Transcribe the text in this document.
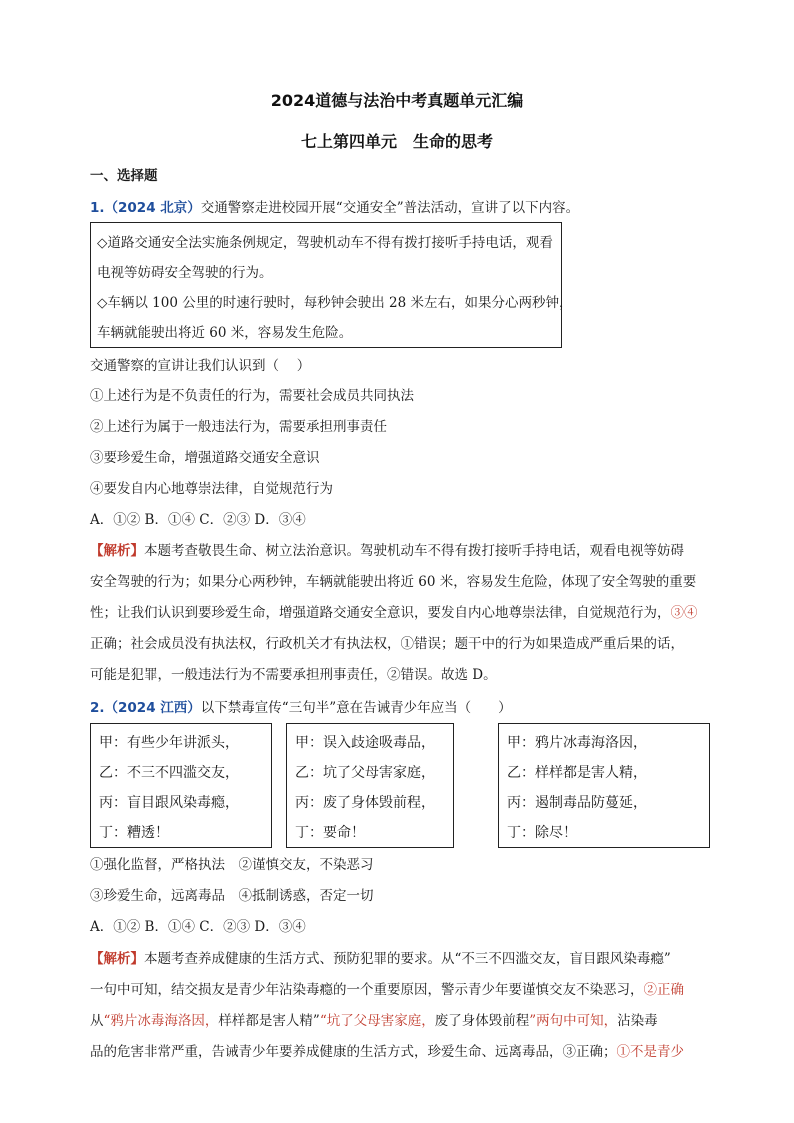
2024道德与法治中考真题单元汇编
七上第四单元　生命的思考
一、选择题
1.（2024 北京）交通警察走进校园开展“交通安全”普法活动，宣讲了以下内容。
◇道路交通安全法实施条例规定，驾驶机动车不得有拨打接听手持电话，观看
电视等妨碍安全驾驶的行为。
◇车辆以 100 公里的时速行驶时，每秒钟会驶出 28 米左右，如果分心两秒钟，
车辆就能驶出将近 60 米，容易发生危险。
交通警察的宣讲让我们认识到（　 ）
①上述行为是不负责任的行为，需要社会成员共同执法
②上述行为属于一般违法行为，需要承担刑事责任
③要珍爱生命，增强道路交通安全意识
④要发自内心地尊崇法律，自觉规范行为
A．①② B．①④ C．②③ D．③④
【解析】本题考查敬畏生命、树立法治意识。驾驶机动车不得有拨打接听手持电话，观看电视等妨碍
安全驾驶的行为；如果分心两秒钟，车辆就能驶出将近 60 米，容易发生危险，体现了安全驾驶的重要
性；让我们认识到要珍爱生命，增强道路交通安全意识，要发自内心地尊崇法律，自觉规范行为，③④
正确；社会成员没有执法权，行政机关才有执法权，①错误；题干中的行为如果造成严重后果的话，
可能是犯罪，一般违法行为不需要承担刑事责任，②错误。故选 D。
2.（2024 江西）以下禁毒宣传“三句半”意在告诫青少年应当（　　）
甲：有些少年讲派头，
乙：不三不四滥交友，
丙：盲目跟风染毒瘾，
丁：糟透！
甲：误入歧途吸毒品，
乙：坑了父母害家庭，
丙：废了身体毁前程，
丁：要命！
甲：鸦片冰毒海洛因，
乙：样样都是害人精，
丙：遏制毒品防蔓延，
丁：除尽！
①强化监督，严格执法　②谨慎交友，不染恶习
③珍爱生命，远离毒品　④抵制诱惑，否定一切
A．①② B．①④ C．②③ D．③④
【解析】本题考查养成健康的生活方式、预防犯罪的要求。从“不三不四滥交友，盲目跟风染毒瘾”
一句中可知，结交损友是青少年沾染毒瘾的一个重要原因，警示青少年要谨慎交友不染恶习，②正确
从“鸦片冰毒海洛因，样样都是害人精”“坑了父母害家庭，废了身体毁前程”两句中可知，沾染毒
品的危害非常严重，告诫青少年要养成健康的生活方式，珍爱生命、远离毒品，③正确；①不是青少
